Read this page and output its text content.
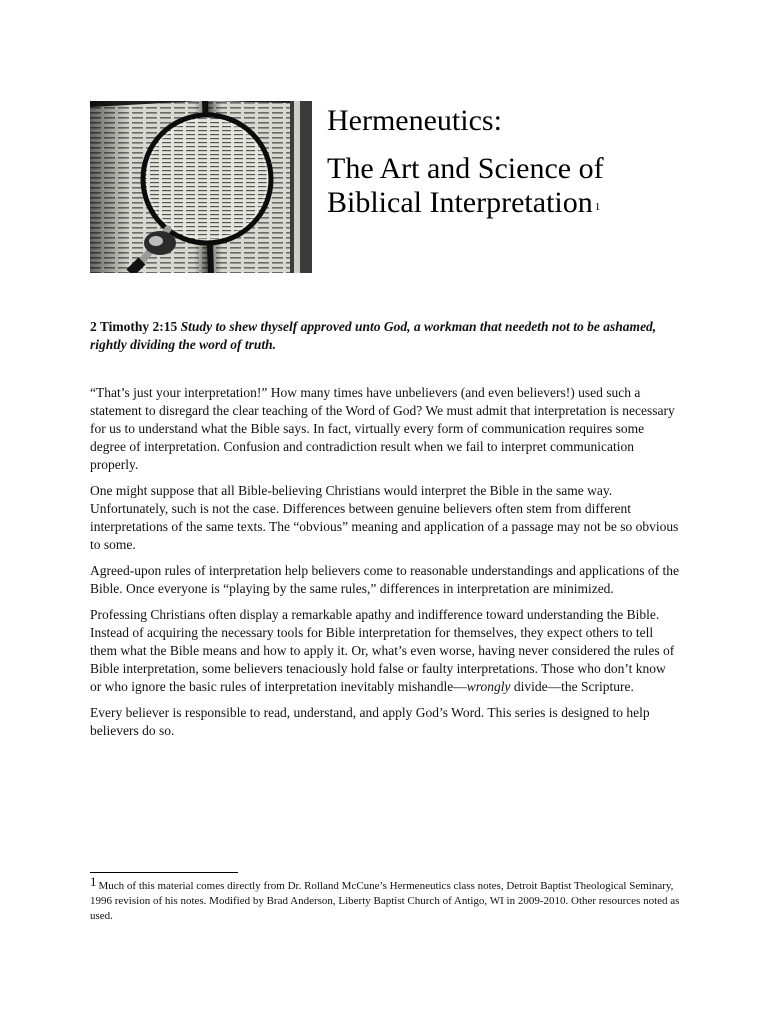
Hermeneutics:

The Art and Science of

Biblical Interpretation 1

2 Timothy 2:15 Study to shew thyself approved unto God, a workman that needeth not to be ashamed, rightly dividing the word of truth.

“That’s just your interpretation!” How many times have unbelievers (and even believers!) used such a statement to disregard the clear teaching of the Word of God? We must admit that interpretation is necessary for us to understand what the Bible says. In fact, virtually every form of communication requires some degree of interpretation. Confusion and contradiction result when we fail to interpret communication properly.

One might suppose that all Bible-believing Christians would interpret the Bible in the same way. Unfortunately, such is not the case. Differences between genuine believers often stem from different interpretations of the same texts. The “obvious” meaning and application of a passage may not be so obvious to some.

Agreed-upon rules of interpretation help believers come to reasonable understandings and applications of the Bible. Once everyone is “playing by the same rules,” differences in interpretation are minimized.

Professing Christians often display a remarkable apathy and indifference toward understanding the Bible. Instead of acquiring the necessary tools for Bible interpretation for themselves, they expect others to tell them what the Bible means and how to apply it. Or, what’s even worse, having never considered the rules of Bible interpretation, some believers tenaciously hold false or faulty interpretations. Those who don’t know or who ignore the basic rules of interpretation inevitably mishandle—wrongly divide—the Scripture.

Every believer is responsible to read, understand, and apply God’s Word. This series is designed to help believers do so.

1 Much of this material comes directly from Dr. Rolland McCune’s Hermeneutics class notes, Detroit Baptist Theological Seminary, 1996 revision of his notes. Modified by Brad Anderson, Liberty Baptist Church of Antigo, WI in 2009-2010. Other resources noted as used.
